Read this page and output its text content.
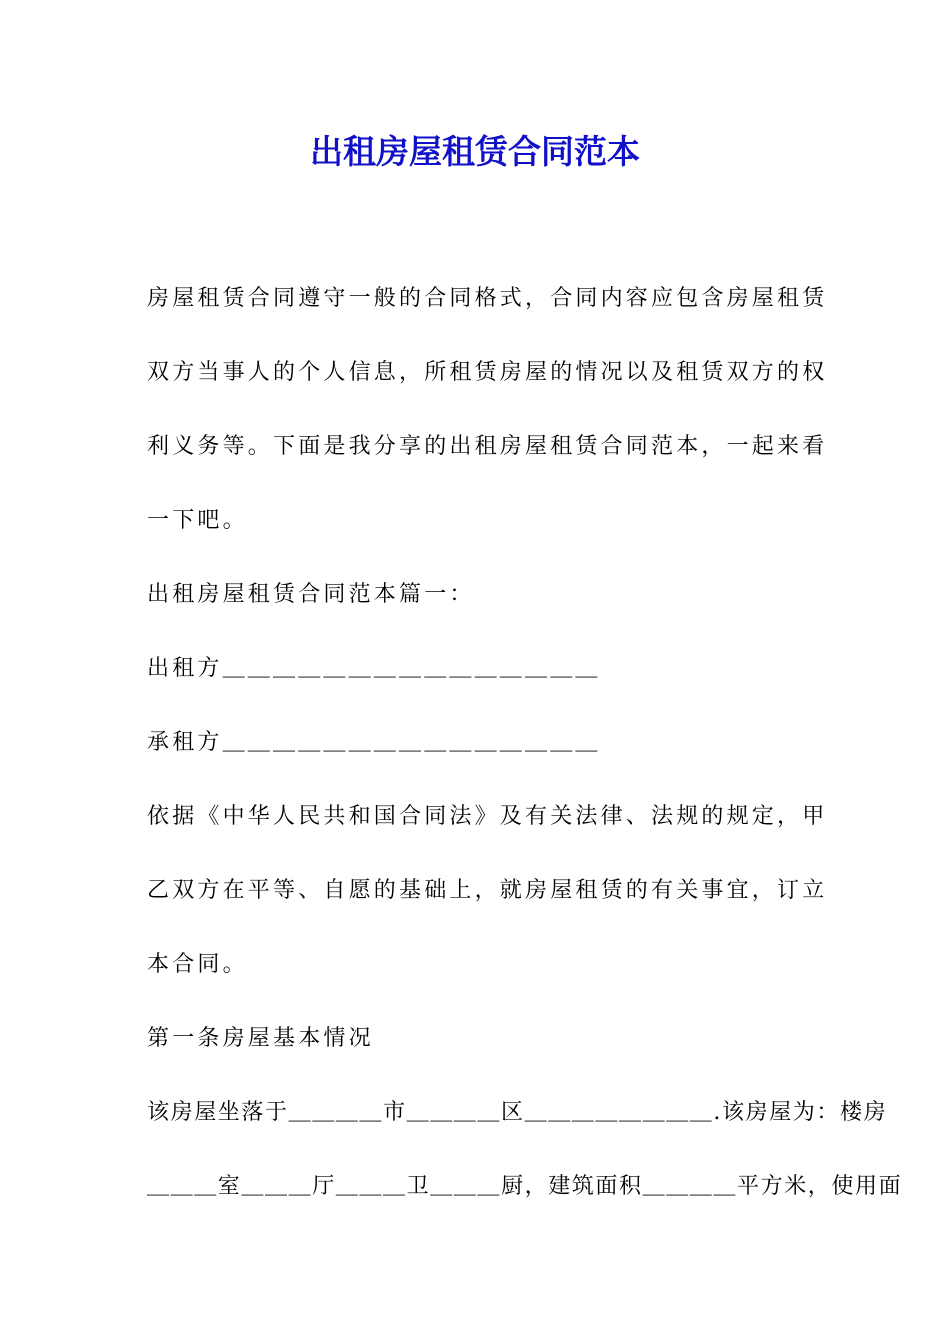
出租房屋租赁合同范本

房屋租赁合同遵守一般的合同格式，合同内容应包含房屋租赁
双方当事人的个人信息，所租赁房屋的情况以及租赁双方的权
利义务等。下面是我分享的出租房屋租赁合同范本，一起来看
一下吧。

出租房屋租赁合同范本篇一：

出租方＿＿＿＿＿＿＿＿＿＿＿＿＿＿＿

承租方＿＿＿＿＿＿＿＿＿＿＿＿＿＿＿

依据《中华人民共和国合同法》及有关法律、法规的规定，甲
乙双方在平等、自愿的基础上，就房屋租赁的有关事宜，订立
本合同。

第一条房屋基本情况

该房屋坐落于＿＿＿＿市＿＿＿＿区＿＿＿＿＿＿＿＿.该房屋为：楼房
＿＿＿室＿＿＿厅＿＿＿卫＿＿＿厨，建筑面积＿＿＿＿平方米，使用面
